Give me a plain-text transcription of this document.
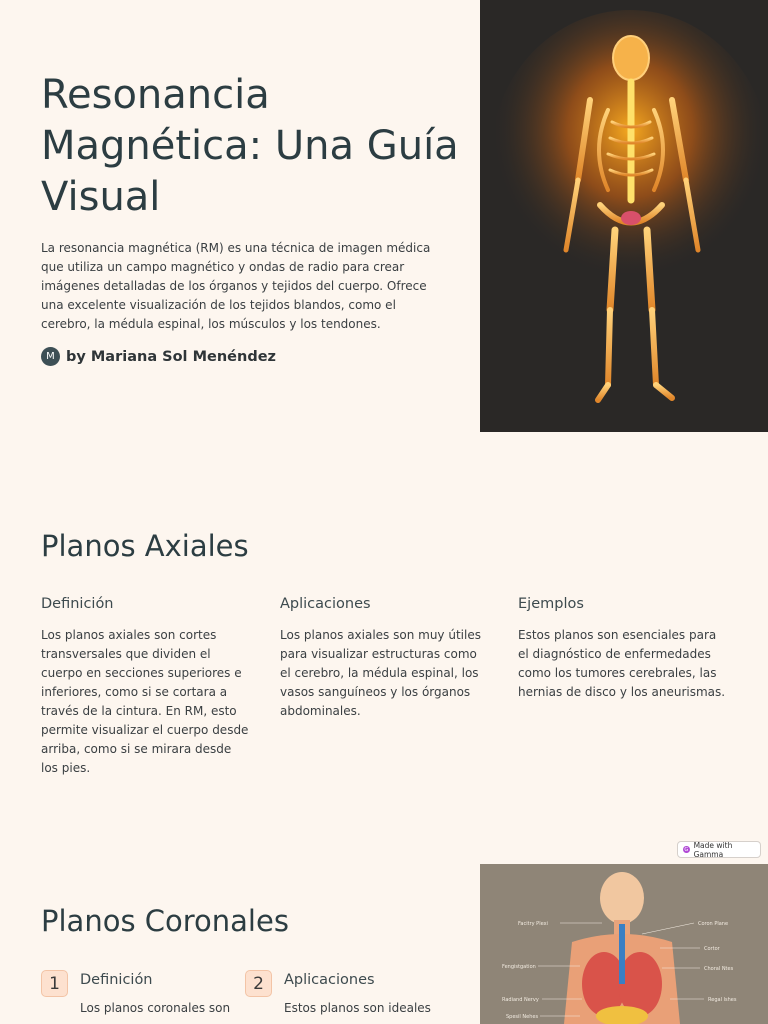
Resonancia Magnética: Una Guía Visual

La resonancia magnética (RM) es una técnica de imagen médica que utiliza un campo magnético y ondas de radio para crear imágenes detalladas de los órganos y tejidos del cuerpo. Ofrece una excelente visualización de los tejidos blandos, como el cerebro, la médula espinal, los músculos y los tendones.

M by Mariana Sol Menéndez
Planos Axiales

Definición

Los planos axiales son cortes transversales que dividen el cuerpo en secciones superiores e inferiores, como si se cortara a través de la cintura. En RM, esto permite visualizar el cuerpo desde arriba, como si se mirara desde los pies.

Aplicaciones

Los planos axiales son muy útiles para visualizar estructuras como el cerebro, la médula espinal, los vasos sanguíneos y los órganos abdominales.

Ejemplos

Estos planos son esenciales para el diagnóstico de enfermedades como los tumores cerebrales, las hernias de disco y los aneurismas.

G Made with Gamma
Facitry Plexi
Fengistgation
Radiand Nervy
Spesil Nehes
Coron Plane
Cortor
Choral Ntes
Regal Ishes
Planos Coronales
1	Definición

Los planos coronales son

2	Aplicaciones

Estos planos son ideales
